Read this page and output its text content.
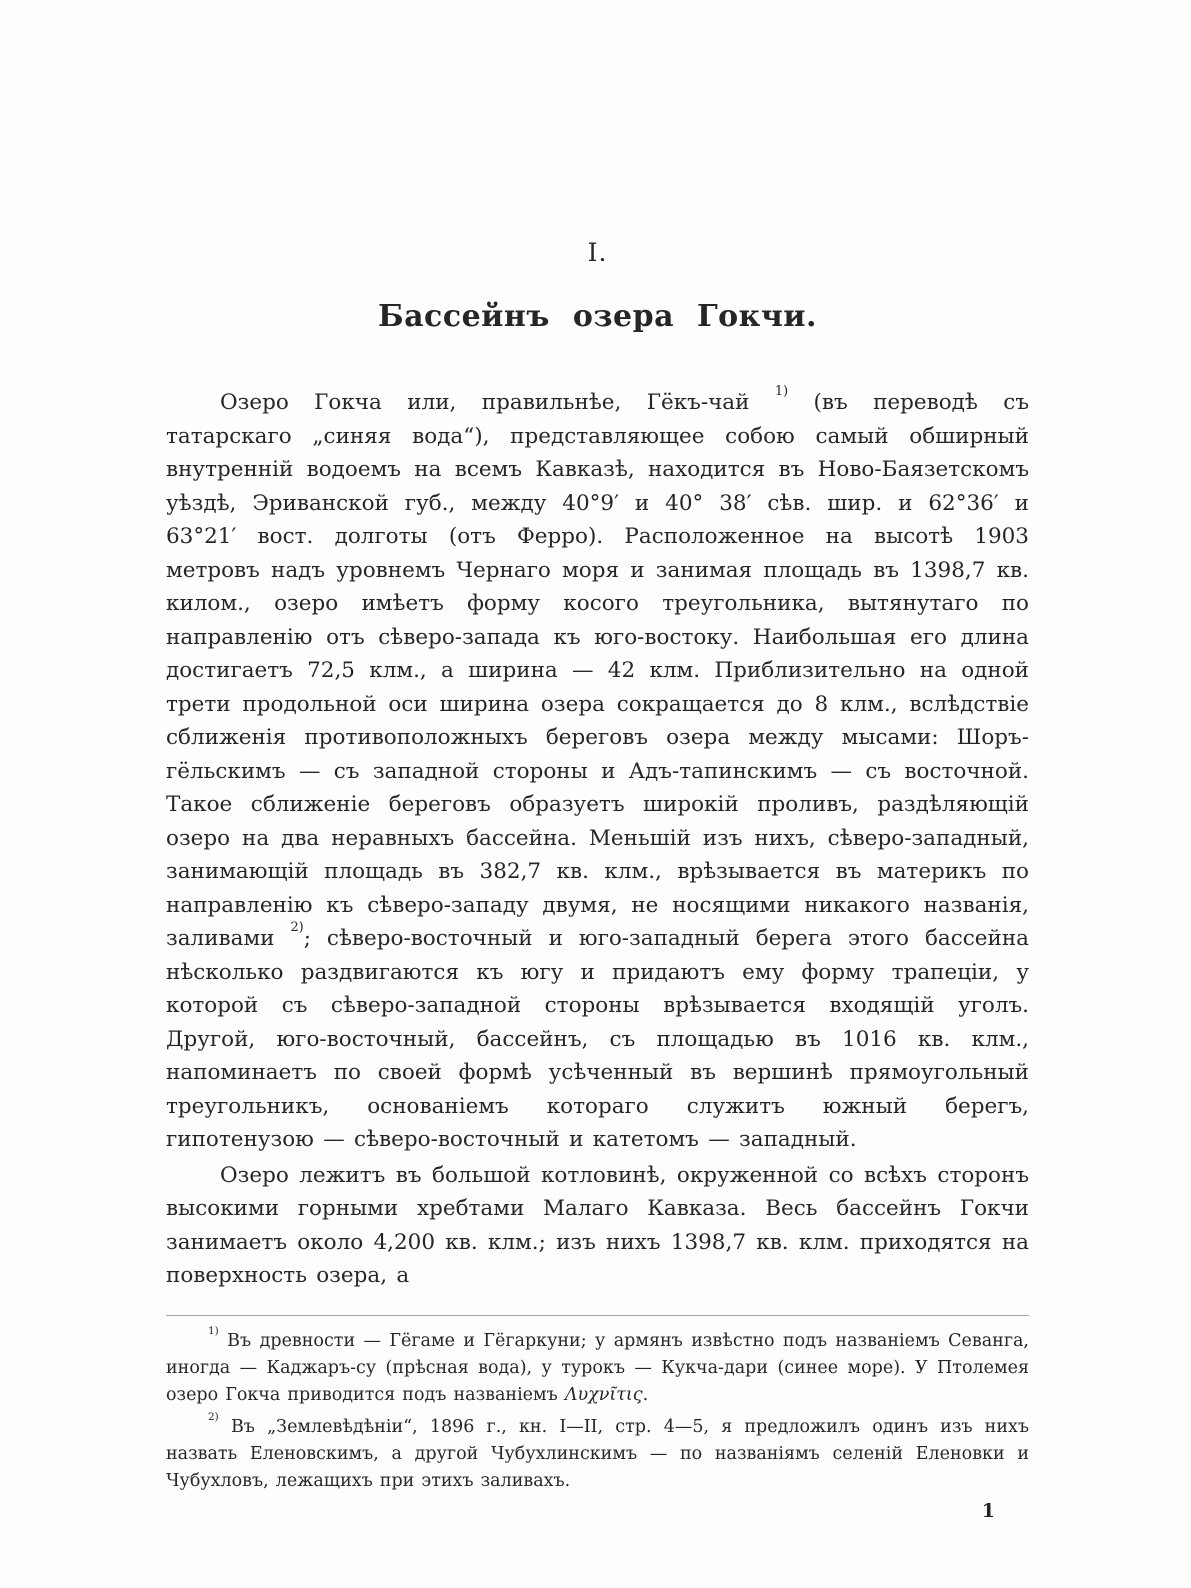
I.
Бассейнъ озера Гокчи.

Озеро Гокча или, правильнѣе, Гёкъ-чай $^{1)}$ (въ переводѣ съ татарскаго „синяя вода“), представляющее собою самый обширный внутренній водоемъ на всемъ Кавказѣ, находится въ Ново-Баязетскомъ уѣздѣ, Эриванской губ., между 40°9′ и 40° 38′ сѣв. шир. и 62°36′ и 63°21′ вост. долготы (отъ Ферро). Расположенное на высотѣ 1903 метровъ надъ уровнемъ Чернаго моря и занимая площадь въ 1398,7 кв. килом., озеро имѣетъ форму косого треугольника, вытянутаго по направленію отъ сѣверо-запада къ юго-востоку. Наибольшая его длина достигаетъ 72,5 клм., а ширина — 42 клм. Приблизительно на одной трети продольной оси ширина озера сокращается до 8 клм., вслѣдствіе сближенія противоположныхъ береговъ озера между мысами: Шоръ-гёльскимъ — съ западной стороны и Адъ-тапинскимъ — съ восточной. Такое сближеніе береговъ образуетъ широкій проливъ, раздѣляющій озеро на два неравныхъ бассейна. Меньшій изъ нихъ, сѣверо-западный, занимающій площадь въ 382,7 кв. клм., врѣзывается въ материкъ по направленію къ сѣверо-западу двумя, не носящими никакого названія, заливами $^{2)}$; сѣверо-восточный и юго-западный берега этого бассейна нѣсколько раздвигаются къ югу и придаютъ ему форму трапеціи, у которой съ сѣверо-западной стороны врѣзывается входящій уголъ. Другой, юго-восточный, бассейнъ, съ площадью въ 1016 кв. клм., напоминаетъ по своей формѣ усѣченный въ вершинѣ прямоугольный треугольникъ, основаніемъ котораго служитъ южный берегъ, гипотенузою — сѣверо-восточный и катетомъ — западный.

Озеро лежитъ въ большой котловинѣ, окруженной со всѣхъ сторонъ высокими горными хребтами Малаго Кавказа. Весь бассейнъ Гокчи занимаетъ около 4,200 кв. клм.; изъ нихъ 1398,7 кв. клм. приходятся на поверхность озера, а

$^{1)}$ Въ древности — Гёгаме и Гёгаркуни; у армянъ извѣстно подъ названіемъ Севанга, иногда — Каджаръ-су (прѣсная вода), у турокъ — Кукча-дари (синее море). У Птолемея озеро Гокча приводится подъ названіемъ Λυχνῖτις.

$^{2)}$ Въ „Землевѣдѣніи“, 1896 г., кн. I—II, стр. 4—5, я предложилъ одинъ изъ нихъ назвать Еленовскимъ, а другой Чубухлинскимъ — по названіямъ селеній Еленовки и Чубухловъ, лежащихъ при этихъ заливахъ.

1
